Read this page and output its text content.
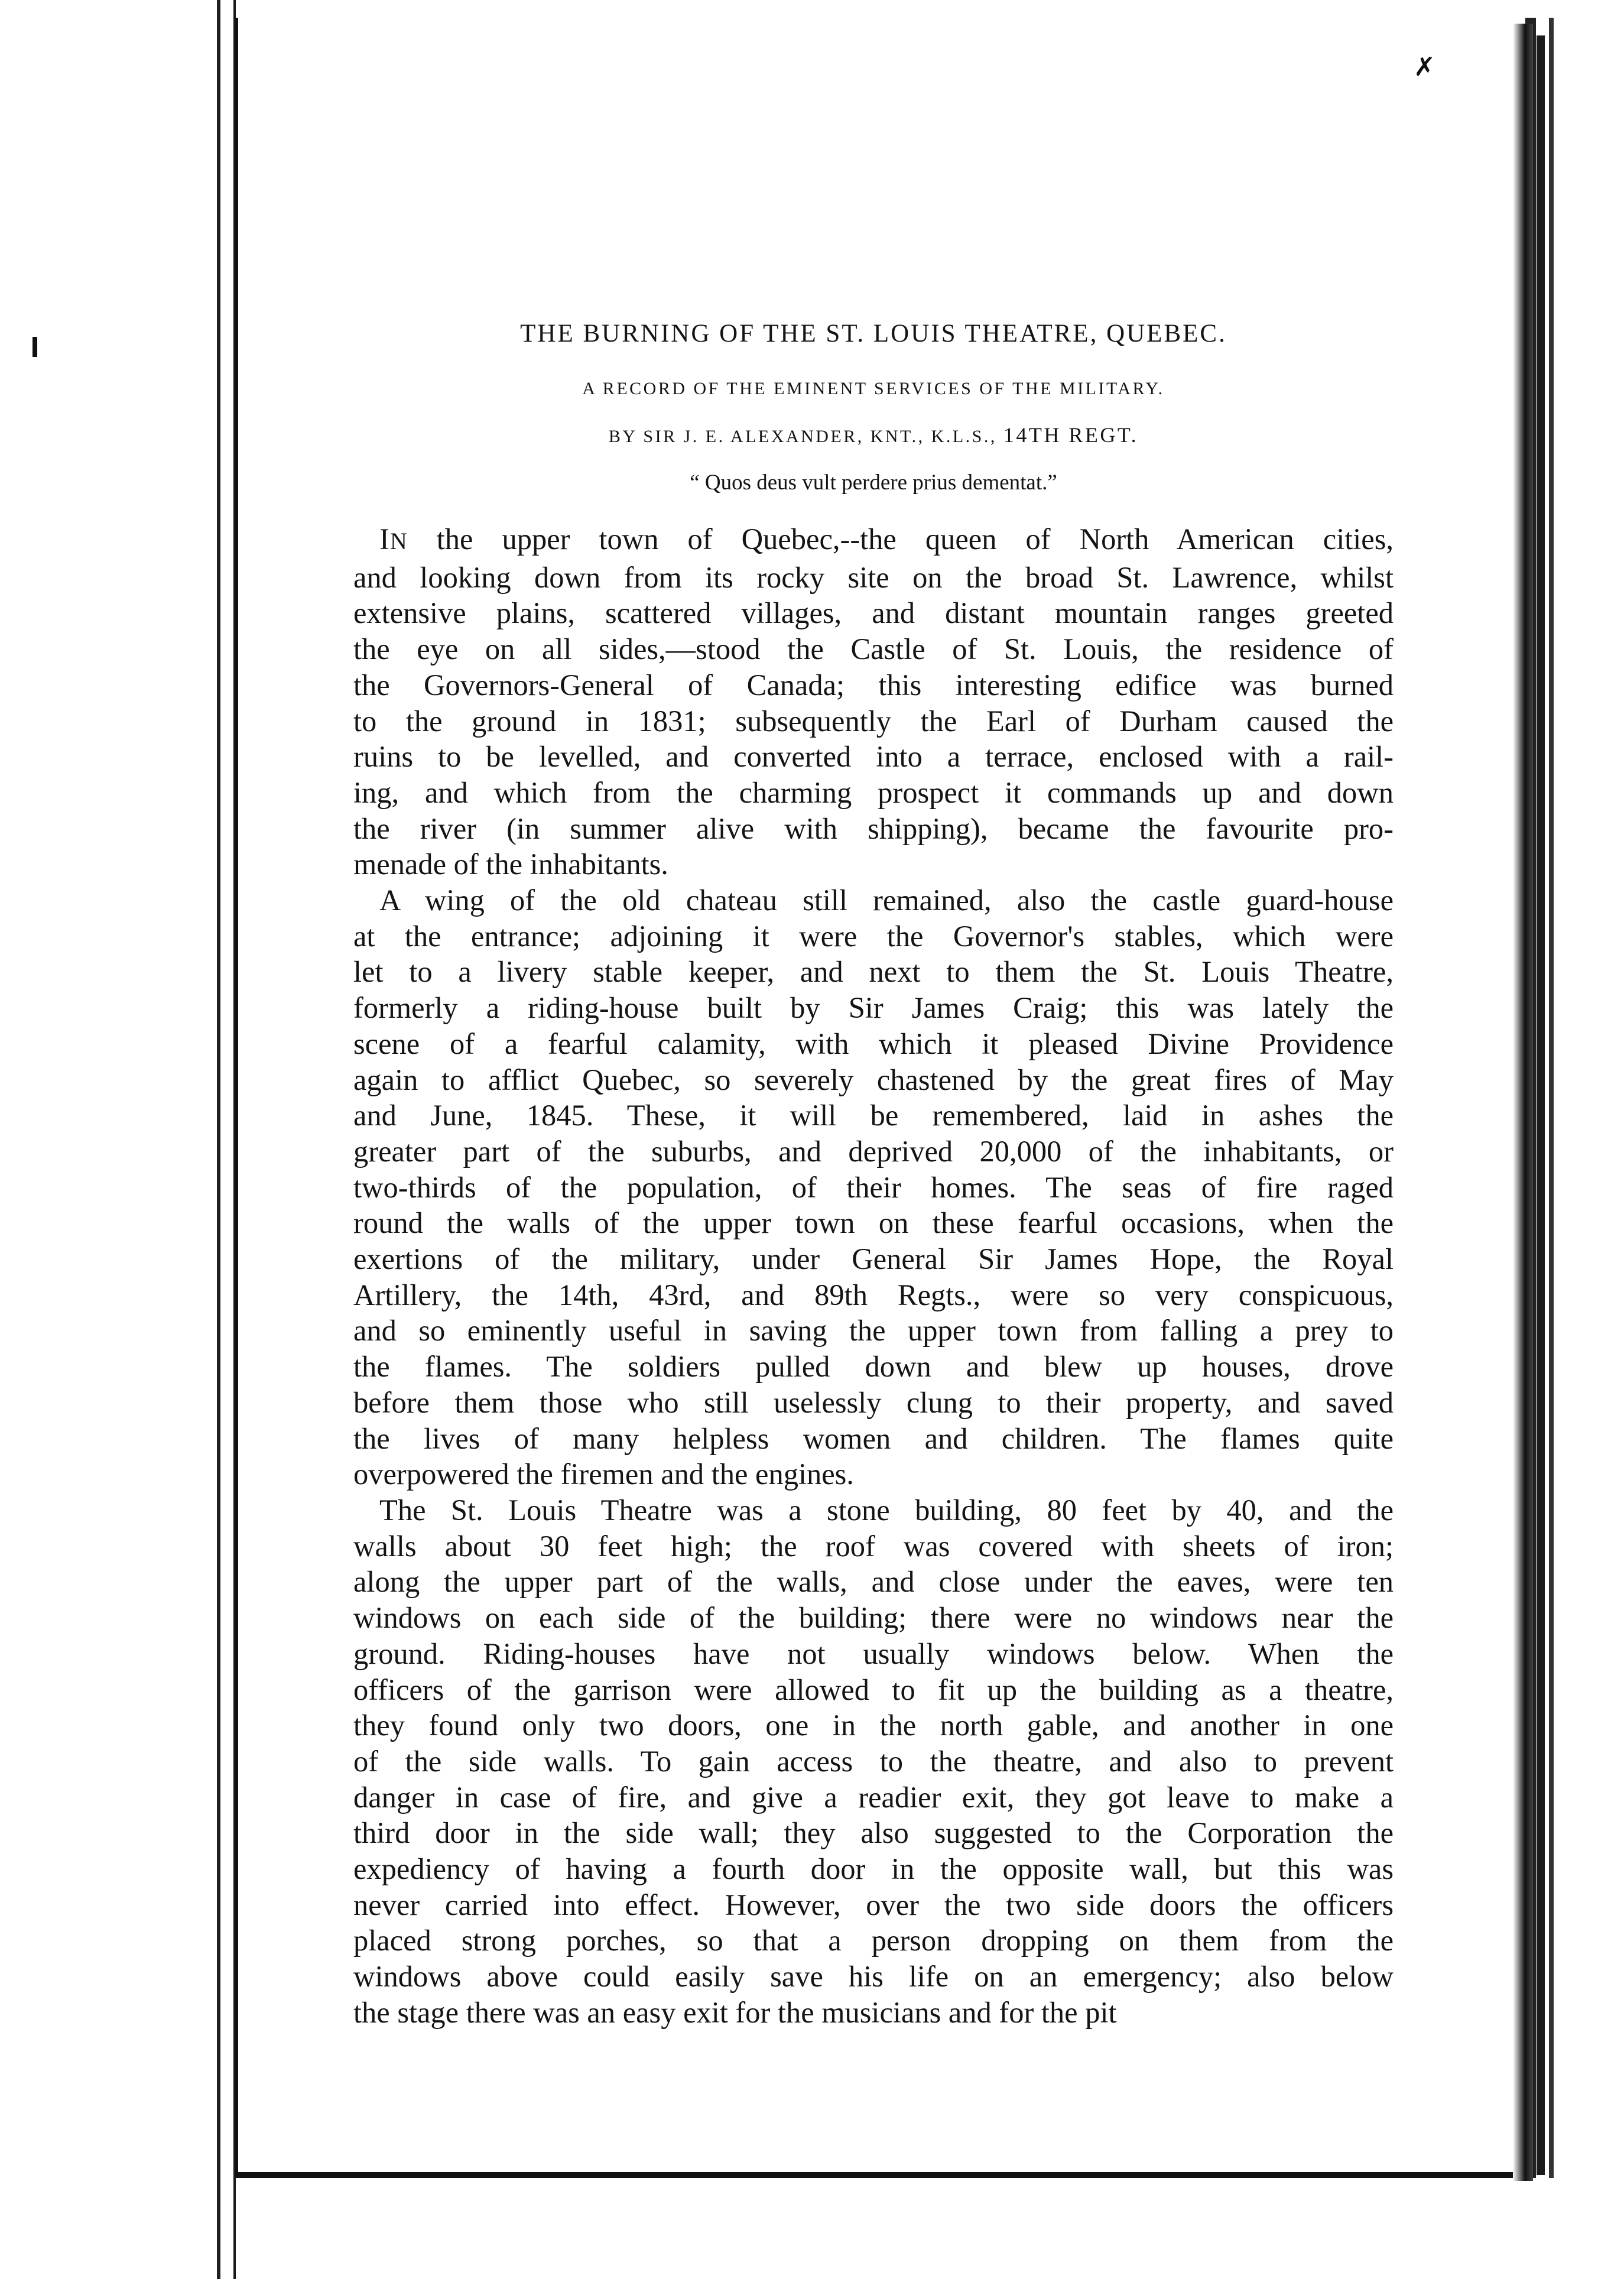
✗
THE BURNING OF THE ST. LOUIS THEATRE, QUEBEC.
A RECORD OF THE EMINENT SERVICES OF THE MILITARY.
BY SIR J. E. ALEXANDER, KNT., K.L.S., 14TH REGT.
“ Quos deus vult perdere prius dementat.”
IN the upper town of Quebec,--the queen of North American cities,
and looking down from its rocky site on the broad St. Lawrence, whilst
extensive plains, scattered villages, and distant mountain ranges greeted
the eye on all sides,—stood the Castle of St. Louis, the residence of
the Governors-General of Canada; this interesting edifice was burned
to the ground in 1831; subsequently the Earl of Durham caused the
ruins to be levelled, and converted into a terrace, enclosed with a rail-
ing, and which from the charming prospect it commands up and down
the river (in summer alive with shipping), became the favourite pro-
menade of the inhabitants.
A wing of the old chateau still remained, also the castle guard-house
at the entrance; adjoining it were the Governor's stables, which were
let to a livery stable keeper, and next to them the St. Louis Theatre,
formerly a riding-house built by Sir James Craig; this was lately the
scene of a fearful calamity, with which it pleased Divine Providence
again to afflict Quebec, so severely chastened by the great fires of May
and June, 1845. These, it will be remembered, laid in ashes the
greater part of the suburbs, and deprived 20,000 of the inhabitants, or
two-thirds of the population, of their homes. The seas of fire raged
round the walls of the upper town on these fearful occasions, when the
exertions of the military, under General Sir James Hope, the Royal
Artillery, the 14th, 43rd, and 89th Regts., were so very conspicuous,
and so eminently useful in saving the upper town from falling a prey to
the flames. The soldiers pulled down and blew up houses, drove
before them those who still uselessly clung to their property, and saved
the lives of many helpless women and children. The flames quite
overpowered the firemen and the engines.
The St. Louis Theatre was a stone building, 80 feet by 40, and the
walls about 30 feet high; the roof was covered with sheets of iron;
along the upper part of the walls, and close under the eaves, were ten
windows on each side of the building; there were no windows near the
ground. Riding-houses have not usually windows below. When the
officers of the garrison were allowed to fit up the building as a theatre,
they found only two doors, one in the north gable, and another in one
of the side walls. To gain access to the theatre, and also to prevent
danger in case of fire, and give a readier exit, they got leave to make a
third door in the side wall; they also suggested to the Corporation the
expediency of having a fourth door in the opposite wall, but this was
never carried into effect. However, over the two side doors the officers
placed strong porches, so that a person dropping on them from the
windows above could easily save his life on an emergency; also below
the stage there was an easy exit for the musicians and for the pit
